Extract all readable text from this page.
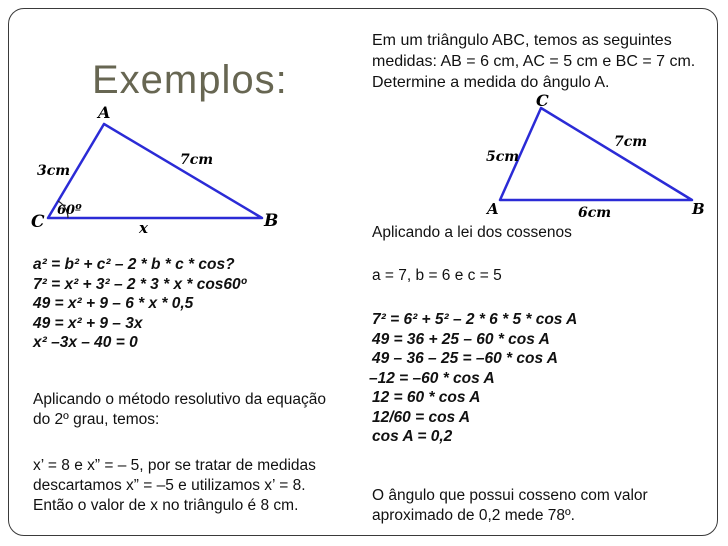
Exemplos:
Em um triângulo ABC, temos as seguintes medidas: AB = 6 cm, AC = 5 cm e BC = 7 cm. Determine a medida do ângulo A.
A
C	B
3cm
7cm
60º
x
C
A	B
5cm
7cm
6cm
a² = b² + c² – 2 * b * c * cos?
7² = x² + 3² – 2 * 3 * x * cos60º
49 = x² + 9 – 6 * x * 0,5
49 = x² + 9 – 3x
x² –3x – 40 = 0
Aplicando o método resolutivo da equação
do 2º grau, temos:
x’ = 8 e x” = – 5, por se tratar de medidas
descartamos x” = –5 e utilizamos x’ = 8.
Então o valor de x no triângulo é 8 cm.
Aplicando a lei dos cossenos
a = 7, b = 6 e c = 5
7² = 6² + 5² – 2 * 6 * 5 * cos A
49 = 36 + 25 – 60 * cos A
49 – 36 – 25 = –60 * cos A
–12 = –60 * cos A
12 = 60 * cos A
12/60 = cos A
cos A = 0,2
O ângulo que possui cosseno com valor
aproximado de 0,2 mede 78º.
